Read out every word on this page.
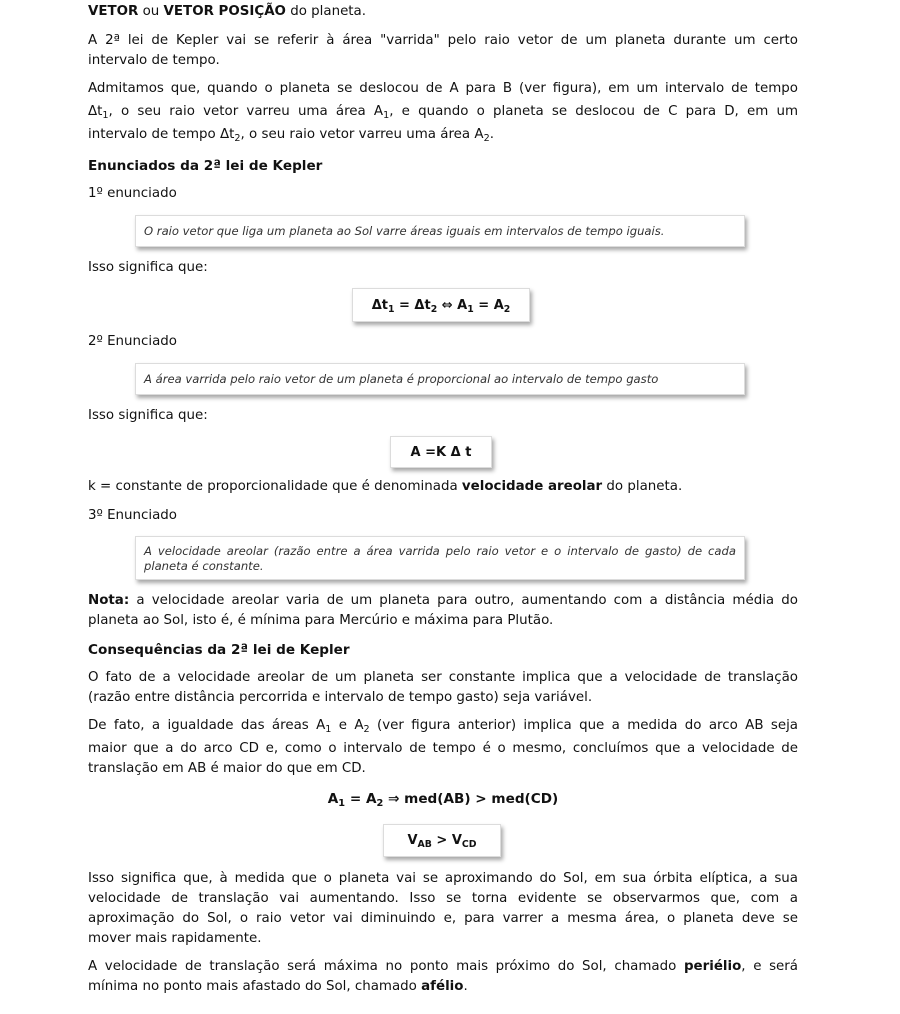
VETOR ou VETOR POSIÇÃO do planeta.

A 2ª lei de Kepler vai se referir à área "varrida" pelo raio vetor de um planeta durante um certo
intervalo de tempo.

Admitamos que, quando o planeta se deslocou de A para B (ver figura), em um intervalo de tempo
$\Delta t_1$, o seu raio vetor varreu uma área $A_1$, e quando o planeta se deslocou de C para D, em um
intervalo de tempo $\Delta t_2$, o seu raio vetor varreu uma área $A_2$.

Enunciados da 2ª lei de Kepler

1º enunciado

O raio vetor que liga um planeta ao Sol varre áreas iguais em intervalos de tempo iguais.

Isso significa que:

$\Delta t_1 = \Delta t_2$ ⇔ $A_1 = A_2$

2º Enunciado

A área varrida pelo raio vetor de um planeta é proporcional ao intervalo de tempo gasto

Isso significa que:

A =K Δ t

k = constante de proporcionalidade que é denominada velocidade areolar do planeta.

3º Enunciado

A velocidade areolar (razão entre a área varrida pelo raio vetor e o intervalo de gasto) de cada
planeta é constante.

Nota: a velocidade areolar varia de um planeta para outro, aumentando com a distância média do
planeta ao Sol, isto é, é mínima para Mercúrio e máxima para Plutão.

Consequências da 2ª lei de Kepler

O fato de a velocidade areolar de um planeta ser constante implica que a velocidade de translação
(razão entre distância percorrida e intervalo de tempo gasto) seja variável.

De fato, a igualdade das áreas $A_1$ e $A_2$ (ver figura anterior) implica que a medida do arco AB seja
maior que a do arco CD e, como o intervalo de tempo é o mesmo, concluímos que a velocidade de
translação em AB é maior do que em CD.

$A_1 = A_2$ ⇒ med(AB) > med(CD)
$V_{AB} > V_{CD}$

Isso significa que, à medida que o planeta vai se aproximando do Sol, em sua órbita elíptica, a sua
velocidade de translação vai aumentando. Isso se torna evidente se observarmos que, com a
aproximação do Sol, o raio vetor vai diminuindo e, para varrer a mesma área, o planeta deve se
mover mais rapidamente.

A velocidade de translação será máxima no ponto mais próximo do Sol, chamado periélio, e será
mínima no ponto mais afastado do Sol, chamado afélio.
